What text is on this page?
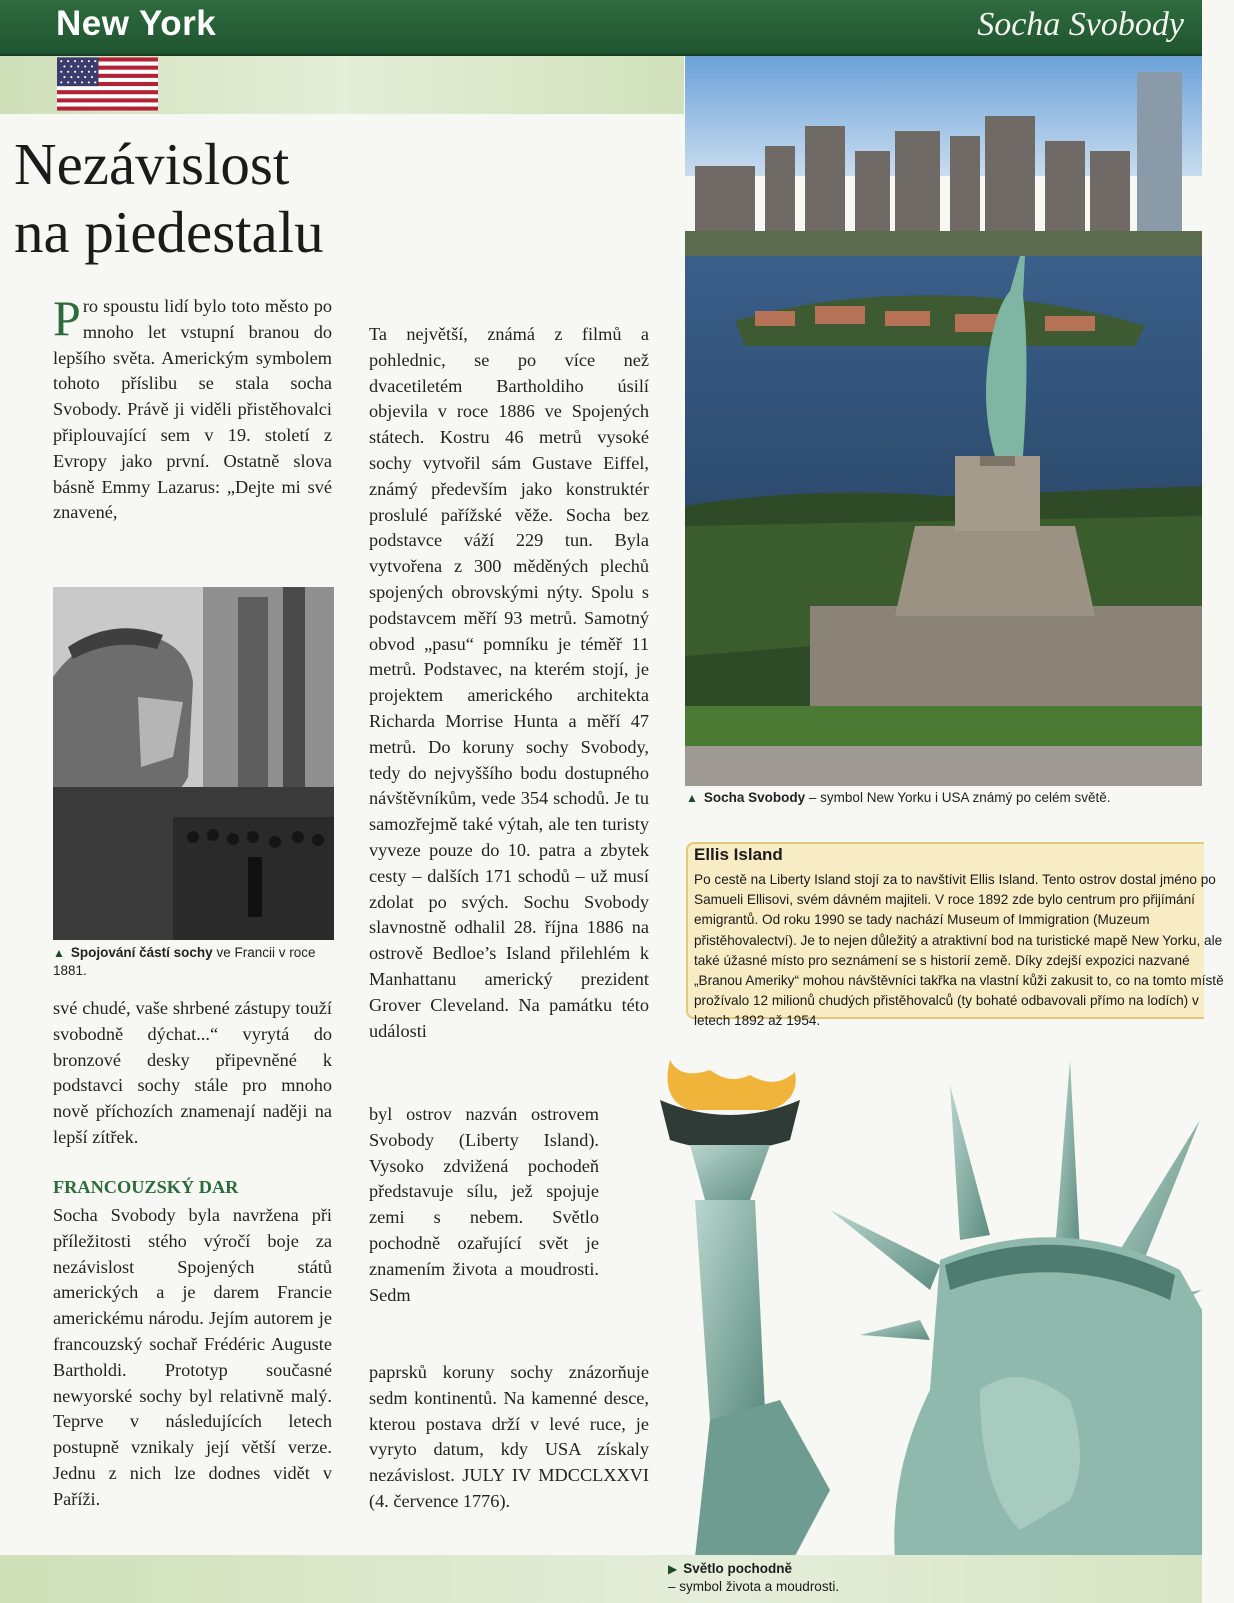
New York	Socha Svobody
Nezávislost
na piedestalu

Pro spoustu lidí bylo toto město po mnoho let vstupní branou do lepšího světa. Americkým symbolem tohoto příslibu se stala socha Svobody. Právě ji viděli přistěhovalci připlouvající sem v 19. století z Evropy jako první. Ostatně slova básně Emmy Lazarus: „Dejte mi své znavené,

▲ Spojování částí sochy ve Francii v roce 1881.

své chudé, vaše shrbené zástupy touží svobodně dýchat...“ vyrytá do bronzové desky připevněné k podstavci sochy stále pro mnoho nově příchozích znamenají naději na lepší zítřek.

FRANCOUZSKÝ DAR

Socha Svobody byla navržena při příležitosti stého výročí boje za nezávislost Spojených států amerických a je darem Francie americkému národu. Jejím autorem je francouzský sochař Frédéric Auguste Bartholdi. Prototyp současné newyorské sochy byl relativně malý. Teprve v následujících letech postupně vznikaly její větší verze. Jednu z nich lze dodnes vidět v Paříži.

Ta největší, známá z filmů a pohlednic, se po více než dvacetiletém Bartholdiho úsilí objevila v roce 1886 ve Spojených státech. Kostru 46 metrů vysoké sochy vytvořil sám Gustave Eiffel, známý především jako konstruktér proslulé pařížské věže. Socha bez podstavce váží 229 tun. Byla vytvořena z 300 měděných plechů spojených obrovskými nýty. Spolu s podstavcem měří 93 metrů. Samotný obvod „pasu“ pomníku je téměř 11 metrů. Podstavec, na kterém stojí, je projektem amerického architekta Richarda Morrise Hunta a měří 47 metrů. Do koruny sochy Svobody, tedy do nejvyššího bodu dostupného návštěvníkům, vede 354 schodů. Je tu samozřejmě také výtah, ale ten turisty vyveze pouze do 10. patra a zbytek cesty – dalších 171 schodů – už musí zdolat po svých. Sochu Svobody slavnostně odhalil 28. října 1886 na ostrově Bedloe’s Island přilehlém k Manhattanu americký prezident Grover Cleveland. Na památku této události

byl ostrov nazván ostrovem Svobody (Liberty Island). Vysoko zdvižená pochodeň představuje sílu, jež spojuje zemi s nebem. Světlo pochodně ozařující svět je znamením života a moudrosti. Sedm

paprsků koruny sochy znázorňuje sedm kontinentů. Na kamenné desce, kterou postava drží v levé ruce, je vyryto datum, kdy USA získaly nezávislost. JULY IV MDCCLXXVI (4. července 1776).

▲ Socha Svobody – symbol New Yorku i USA známý po celém světě.
Ellis Island
Po cestě na Liberty Island stojí za to navštívit Ellis Island. Tento ostrov dostal jméno po Samueli Ellisovi, svém dávném majiteli. V roce 1892 zde bylo centrum pro přijímání emigrantů. Od roku 1990 se tady nachází Museum of Immigration (Muzeum přistěhovalectví). Je to nejen důležitý a atraktivní bod na turistické mapě New Yorku, ale také úžasné místo pro seznámení se s historií země. Díky zdejší expozici nazvané „Branou Ameriky“ mohou návštěvníci takřka na vlastní kůži zakusit to, co na tomto místě prožívalo 12 milionů chudých přistěhovalců (ty bohaté odbavovali přímo na lodích) v letech 1892 až 1954.
▶ Světlo pochodně
– symbol života a moudrosti.
